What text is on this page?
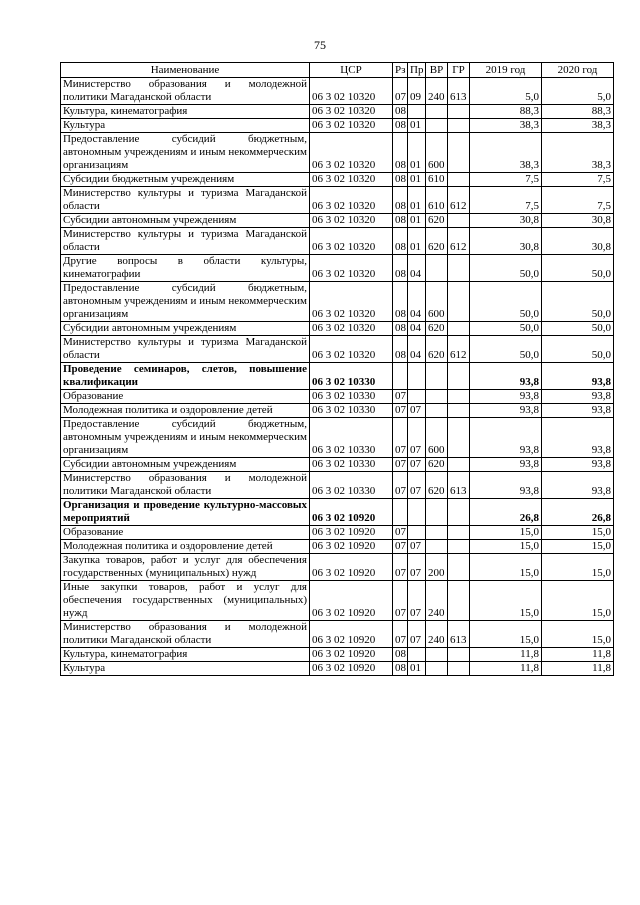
75
Наименование	ЦСР	Рз	Пр	ВР	ГР	2019 год	2020 год
Министерство образования и молодежной политики Магаданской области	06 3 02 10320	07	09	240	613	5,0	5,0
Культура, кинематография	06 3 02 10320	08				88,3	88,3
Культура	06 3 02 10320	08	01			38,3	38,3
Предоставление субсидий бюджетным, автономным учреждениям и иным некоммерческим организациям	06 3 02 10320	08	01	600		38,3	38,3
Субсидии бюджетным учреждениям	06 3 02 10320	08	01	610		7,5	7,5
Министерство культуры и туризма Магаданской области	06 3 02 10320	08	01	610	612	7,5	7,5
Субсидии автономным учреждениям	06 3 02 10320	08	01	620		30,8	30,8
Министерство культуры и туризма Магаданской области	06 3 02 10320	08	01	620	612	30,8	30,8
Другие вопросы в области культуры, кинематографии	06 3 02 10320	08	04			50,0	50,0
Предоставление субсидий бюджетным, автономным учреждениям и иным некоммерческим организациям	06 3 02 10320	08	04	600		50,0	50,0
Субсидии автономным учреждениям	06 3 02 10320	08	04	620		50,0	50,0
Министерство культуры и туризма Магаданской области	06 3 02 10320	08	04	620	612	50,0	50,0
Проведение семинаров, слетов, повышение квалификации	06 3 02 10330					93,8	93,8
Образование	06 3 02 10330	07				93,8	93,8
Молодежная политика и оздоровление детей	06 3 02 10330	07	07			93,8	93,8
Предоставление субсидий бюджетным, автономным учреждениям и иным некоммерческим организациям	06 3 02 10330	07	07	600		93,8	93,8
Субсидии автономным учреждениям	06 3 02 10330	07	07	620		93,8	93,8
Министерство образования и молодежной политики Магаданской области	06 3 02 10330	07	07	620	613	93,8	93,8
Организация и проведение культурно-массовых мероприятий	06 3 02 10920					26,8	26,8
Образование	06 3 02 10920	07				15,0	15,0
Молодежная политика и оздоровление детей	06 3 02 10920	07	07			15,0	15,0
Закупка товаров, работ и услуг для обеспечения государственных (муниципальных) нужд	06 3 02 10920	07	07	200		15,0	15,0
Иные закупки товаров, работ и услуг для обеспечения государственных (муниципальных) нужд	06 3 02 10920	07	07	240		15,0	15,0
Министерство образования и молодежной политики Магаданской области	06 3 02 10920	07	07	240	613	15,0	15,0
Культура, кинематография	06 3 02 10920	08				11,8	11,8
Культура	06 3 02 10920	08	01			11,8	11,8
